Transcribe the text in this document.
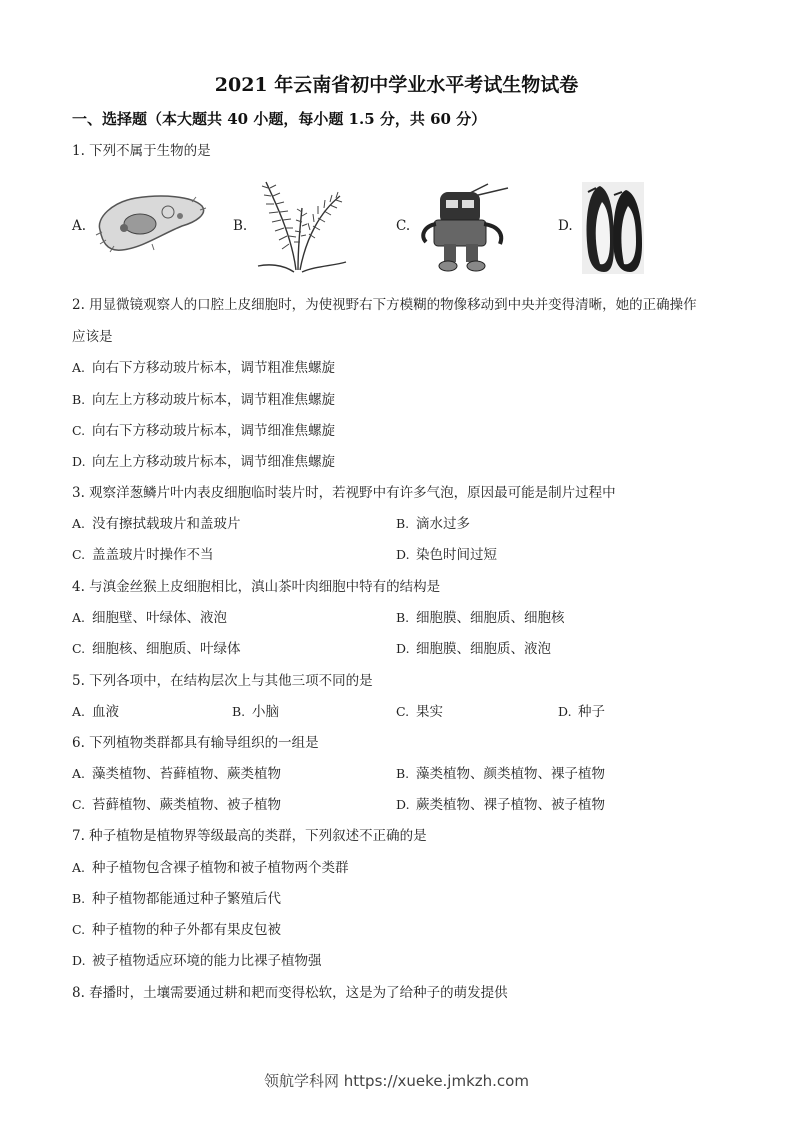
2021 年云南省初中学业水平考试生物试卷
一、选择题（本大题共 40 小题，每小题 1.5 分，共 60 分）
1. 下列不属于生物的是
A.	B.	C.	D.
2. 用显微镜观察人的口腔上皮细胞时，为使视野右下方模糊的物像移动到中央并变得清晰，她的正确操作
应该是
A. 向右下方移动玻片标本，调节粗准焦螺旋
B. 向左上方移动玻片标本，调节粗准焦螺旋
C. 向右下方移动玻片标本，调节细准焦螺旋
D. 向左上方移动玻片标本，调节细准焦螺旋
3. 观察洋葱鳞片叶内表皮细胞临时装片时，若视野中有许多气泡，原因最可能是制片过程中
A. 没有擦拭载玻片和盖玻片	B. 滴水过多
C. 盖盖玻片时操作不当	D. 染色时间过短
4. 与滇金丝猴上皮细胞相比，滇山茶叶肉细胞中特有的结构是
A. 细胞壁、叶绿体、液泡	B. 细胞膜、细胞质、细胞核
C. 细胞核、细胞质、叶绿体	D. 细胞膜、细胞质、液泡
5. 下列各项中，在结构层次上与其他三项不同的是
A. 血液	B. 小脑	C. 果实	D. 种子
6. 下列植物类群都具有输导组织的一组是
A. 藻类植物、苔藓植物、蕨类植物	B. 藻类植物、颜类植物、裸子植物
C. 苔藓植物、蕨类植物、被子植物	D. 蕨类植物、裸子植物、被子植物
7. 种子植物是植物界等级最高的类群，下列叙述不正确的是
A. 种子植物包含裸子植物和被子植物两个类群
B. 种子植物都能通过种子繁殖后代
C. 种子植物的种子外都有果皮包被
D. 被子植物适应环境的能力比裸子植物强
8. 春播时，土壤需要通过耕和耙而变得松软，这是为了给种子的萌发提供
领航学科网 https://xueke.jmkzh.com
